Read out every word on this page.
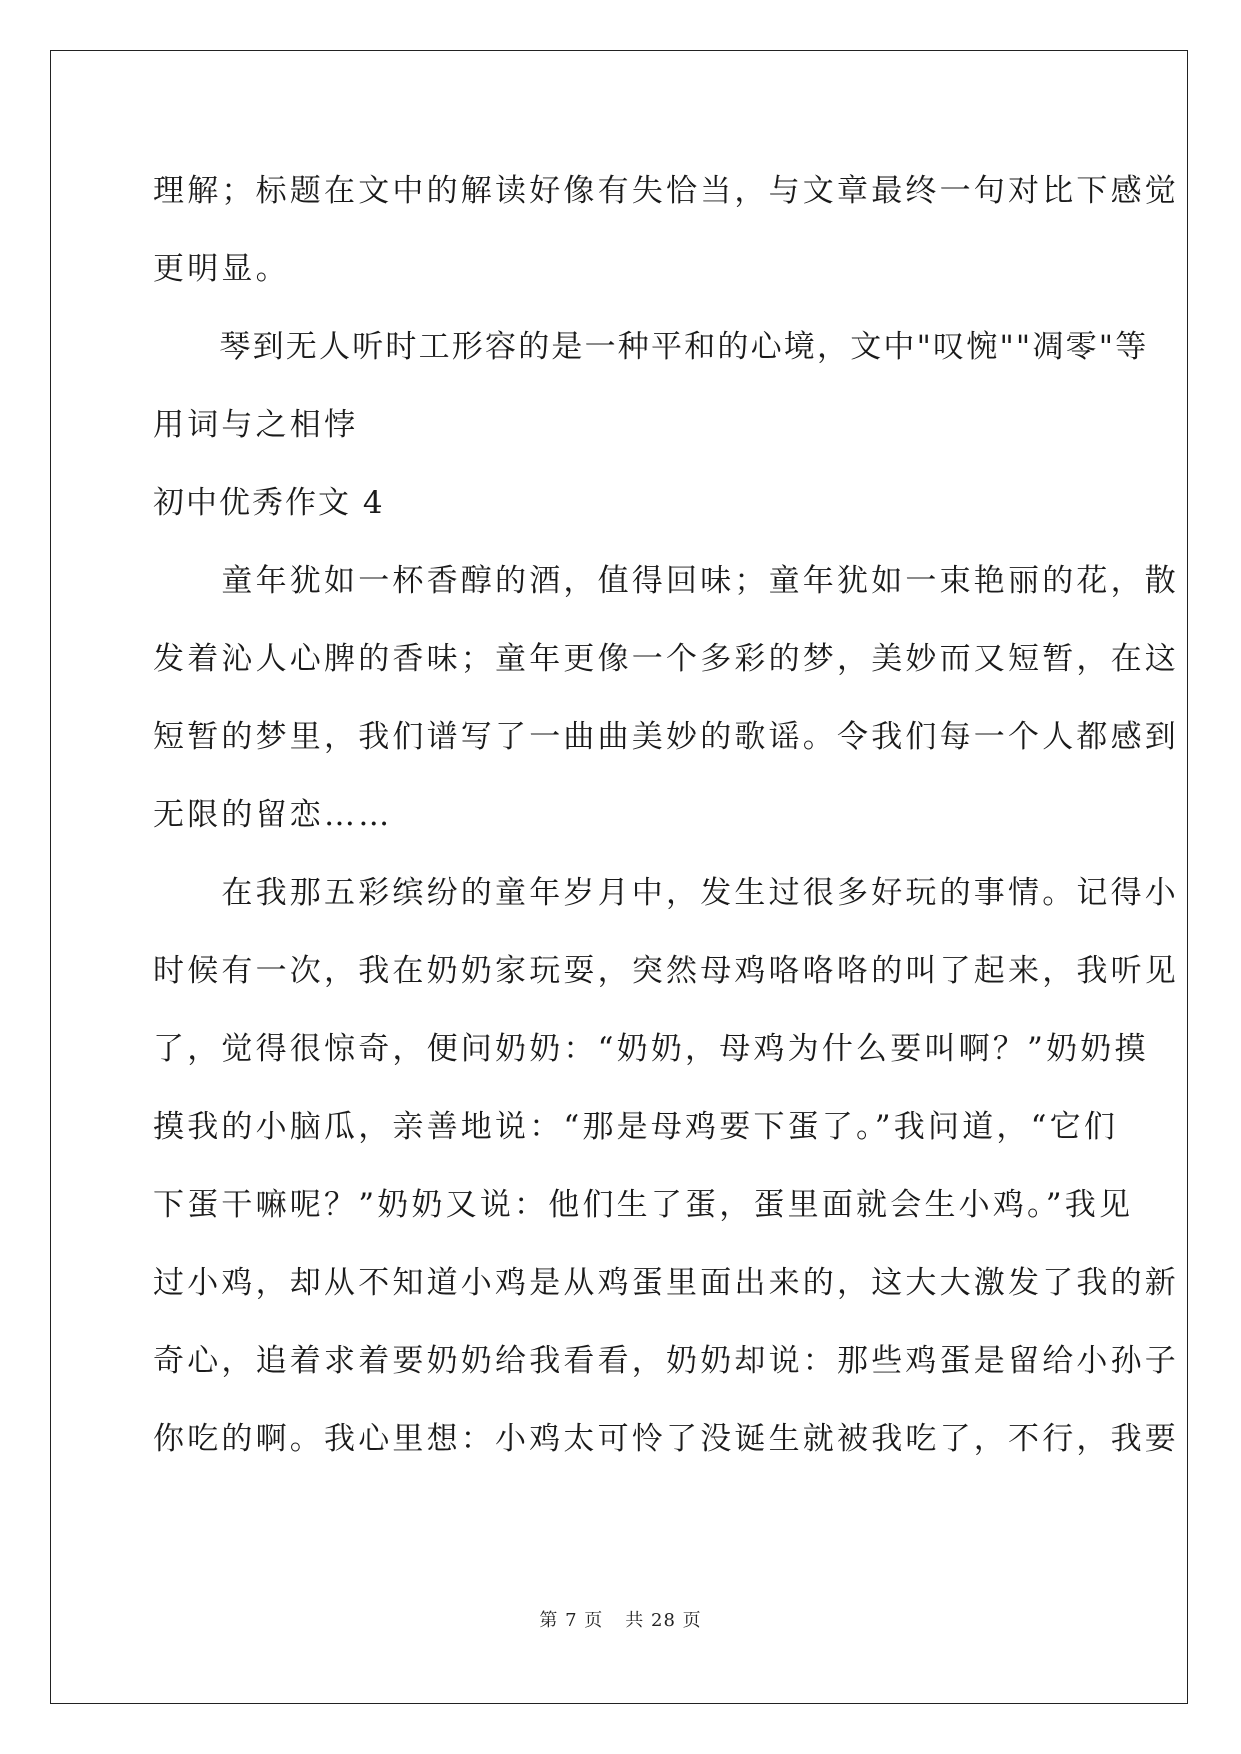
理解；标题在文中的解读好像有失恰当，与文章最终一句对比下感觉
更明显。
　　琴到无人听时工形容的是一种平和的心境，文中"叹惋""凋零"等
用词与之相悖
初中优秀作文 4
　　童年犹如一杯香醇的酒，值得回味；童年犹如一束艳丽的花，散
发着沁人心脾的香味；童年更像一个多彩的梦，美妙而又短暂，在这
短暂的梦里，我们谱写了一曲曲美妙的歌谣。令我们每一个人都感到
无限的留恋……
　　在我那五彩缤纷的童年岁月中，发生过很多好玩的事情。记得小
时候有一次，我在奶奶家玩耍，突然母鸡咯咯咯的叫了起来，我听见
了，觉得很惊奇，便问奶奶：“奶奶，母鸡为什么要叫啊？”奶奶摸
摸我的小脑瓜，亲善地说：“那是母鸡要下蛋了。”我问道，“它们
下蛋干嘛呢？”奶奶又说：他们生了蛋，蛋里面就会生小鸡。”我见
过小鸡，却从不知道小鸡是从鸡蛋里面出来的，这大大激发了我的新
奇心，追着求着要奶奶给我看看，奶奶却说：那些鸡蛋是留给小孙子
你吃的啊。我心里想：小鸡太可怜了没诞生就被我吃了，不行，我要
第 7 页 共 28 页
